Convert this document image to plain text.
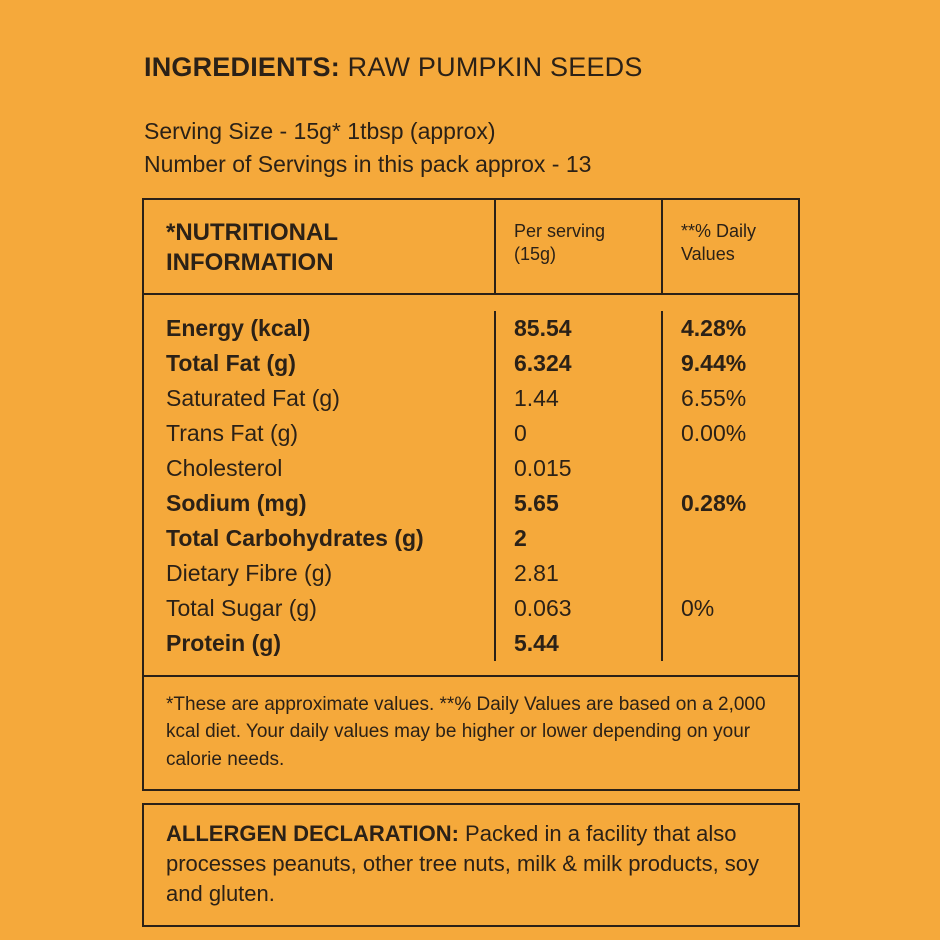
INGREDIENTS: RAW PUMPKIN SEEDS
Serving Size - 15g* 1tbsp (approx)
Number of Servings in this pack approx - 13
*NUTRITIONAL
INFORMATION
Per serving
(15g)
**% Daily
Values
Energy (kcal)
Total Fat (g)
Saturated Fat (g)
Trans Fat (g)
Cholesterol
Sodium (mg)
Total Carbohydrates (g)
Dietary Fibre (g)
Total Sugar (g)
Protein (g)
85.54
6.324
1.44
0
0.015
5.65
2
2.81
0.063
5.44
4.28%
9.44%
6.55%
0.00%
0.28%
0%
*These are approximate values. **% Daily Values are based on a 2,000 kcal diet. Your daily values may be higher or lower depending on your calorie needs.
ALLERGEN DECLARATION: Packed in a facility that also processes peanuts, other tree nuts, milk & milk products, soy and gluten.
